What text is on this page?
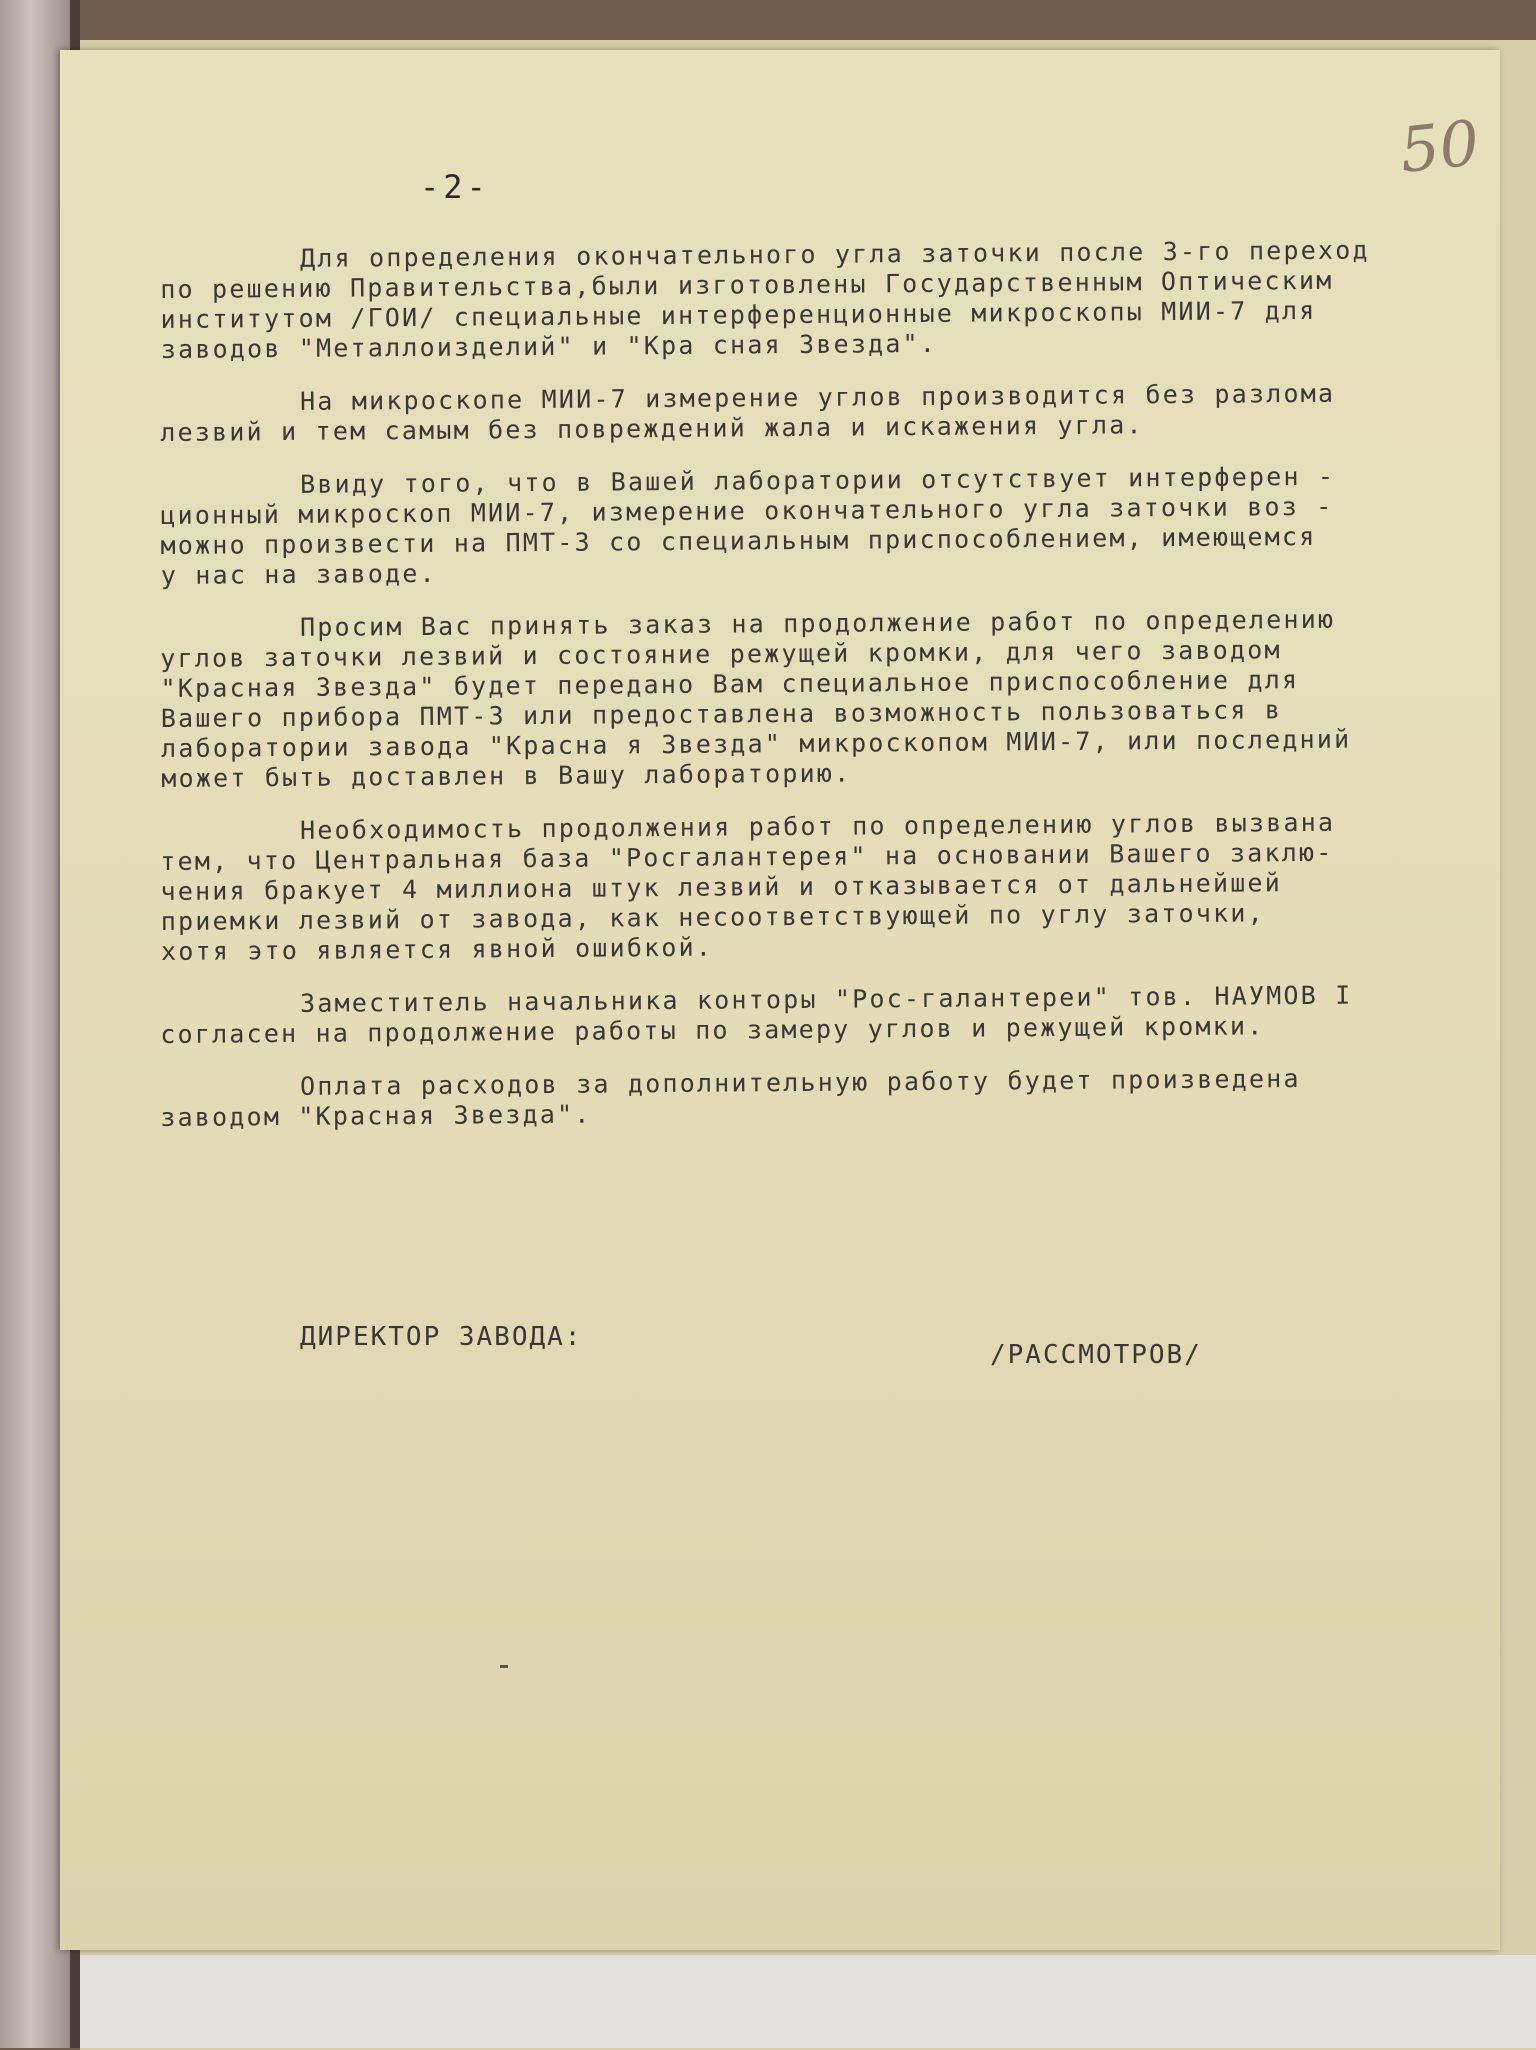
-2-
50
Для определения окончательного угла заточки после 3-го переход
по решению Правительства,были изготовлены Государственным Оптическим
институтом /ГОИ/ специальные интерференционные микроскопы МИИ-7 для
заводов "Металлоизделий" и "Кра сная Звезда".
На микроскопе МИИ-7 измерение углов производится без разлома
лезвий и тем самым без повреждений жала и искажения угла.
Ввиду того, что в Вашей лаборатории отсутствует интерферен -
ционный микроскоп МИИ-7, измерение окончательного угла заточки воз -
можно произвести на ПМТ-3 со специальным приспособлением, имеющемся
у нас на заводе.
Просим Вас принять заказ на продолжение работ по определению
углов заточки лезвий и состояние режущей кромки, для чего заводом
"Красная Звезда" будет передано Вам специальное приспособление для
Вашего прибора ПМТ-3 или предоставлена возможность пользоваться в
лаборатории завода "Красна я Звезда" микроскопом МИИ-7, или последний
может быть доставлен в Вашу лабораторию.
Необходимость продолжения работ по определению углов вызвана
тем, что Центральная база "Росгалантерея" на основании Вашего заклю-
чения бракует 4 миллиона штук лезвий и отказывается от дальнейшей
приемки лезвий от завода, как несоответствующей по углу заточки,
хотя это является явной ошибкой.
Заместитель начальника конторы "Рос-галантереи" тов. НАУМОВ I
согласен на продолжение работы по замеру углов и режущей кромки.
Оплата расходов за дополнительную работу будет произведена
заводом "Красная Звезда".
ДИРЕКТОР ЗАВОДА:
/РАССМОТРОВ/
